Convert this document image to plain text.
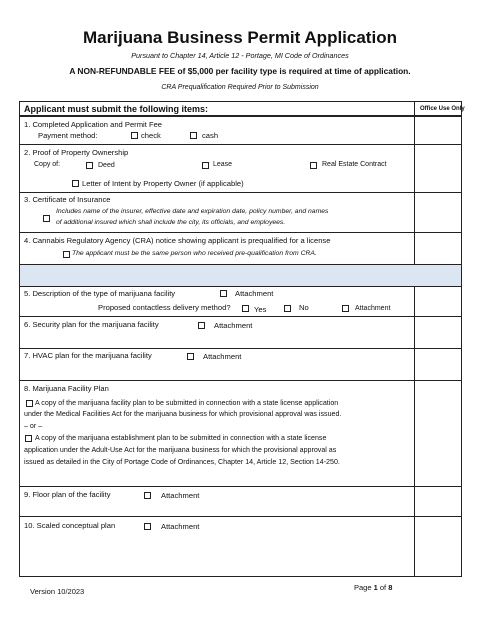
Marijuana Business Permit Application
Pursuant to Chapter 14, Article 12 - Portage, MI Code of Ordinances
A NON-REFUNDABLE FEE of $5,000 per facility type is required at time of application.
CRA Prequalification Required Prior to Submission
Applicant must submit the following items:	Office Use Only
1. Completed Application and Permit Fee
Payment method:	check	cash
2. Proof of Property Ownership
Copy of:	Deed	Lease	Real Estate Contract
Letter of Intent by Property Owner (if applicable)
3. Certificate of Insurance
Includes name of the insurer, effective date and expiration date, policy number, and names
of additional insured which shall include the city, its officials, and employees.
4. Cannabis Regulatory Agency (CRA) notice showing applicant is prequalified for a license
The applicant must be the same person who received pre-qualification from CRA.
5. Description of the type of marijuana facility	Attachment
Proposed contactless delivery method?	Yes	No	Attachment
6. Security plan for the marijuana facility	Attachment
7. HVAC plan for the marijuana facility	Attachment
8. Marijuana Facility Plan
A copy of the marijuana facility plan to be submitted in connection with a state license application
under the Medical Facilities Act for the marijuana business for which provisional approval was issued.
– or –
A copy of the marijuana establishment plan to be submitted in connection with a state license
application under the Adult-Use Act for the marijuana business for which the provisional approval as
issued as detailed in the City of Portage Code of Ordinances, Chapter 14, Article 12, Section 14-250.
9. Floor plan of the facility	Attachment
10. Scaled conceptual plan	Attachment
Version 10/2023	Page 1 of 8
